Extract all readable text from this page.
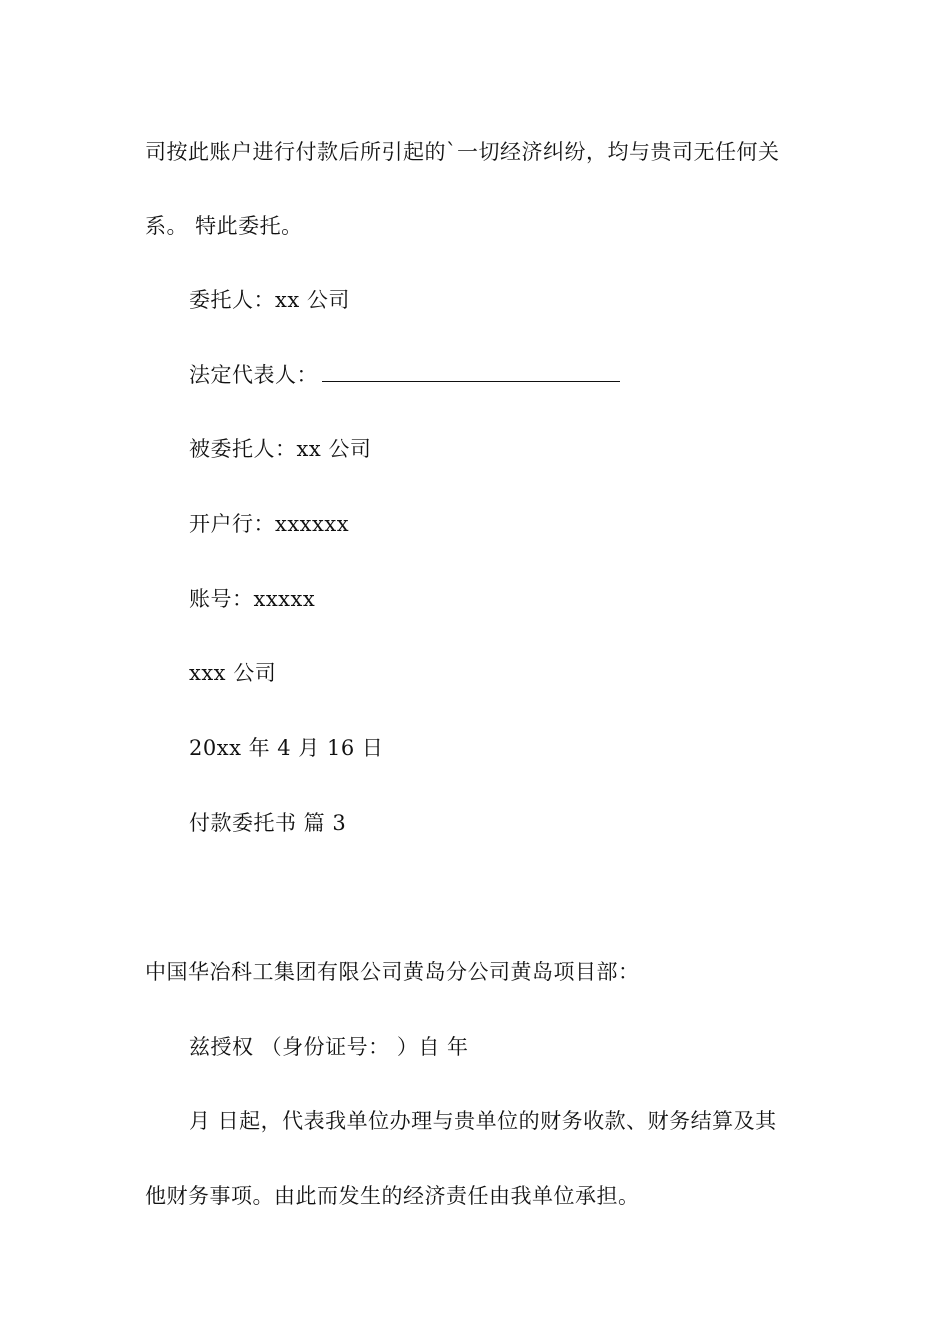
司按此账户进行付款后所引起的`一切经济纠纷，均与贵司无任何关
系。 特此委托。
委托人：xx 公司
法定代表人：
被委托人：xx 公司
开户行：xxxxxx
账号：xxxxx
xxx 公司
20xx 年 4 月 16 日
付款委托书 篇 3
中国华冶科工集团有限公司黄岛分公司黄岛项目部：
兹授权 （身份证号： ）自 年
月 日起，代表我单位办理与贵单位的财务收款、财务结算及其
他财务事项。由此而发生的经济责任由我单位承担。
